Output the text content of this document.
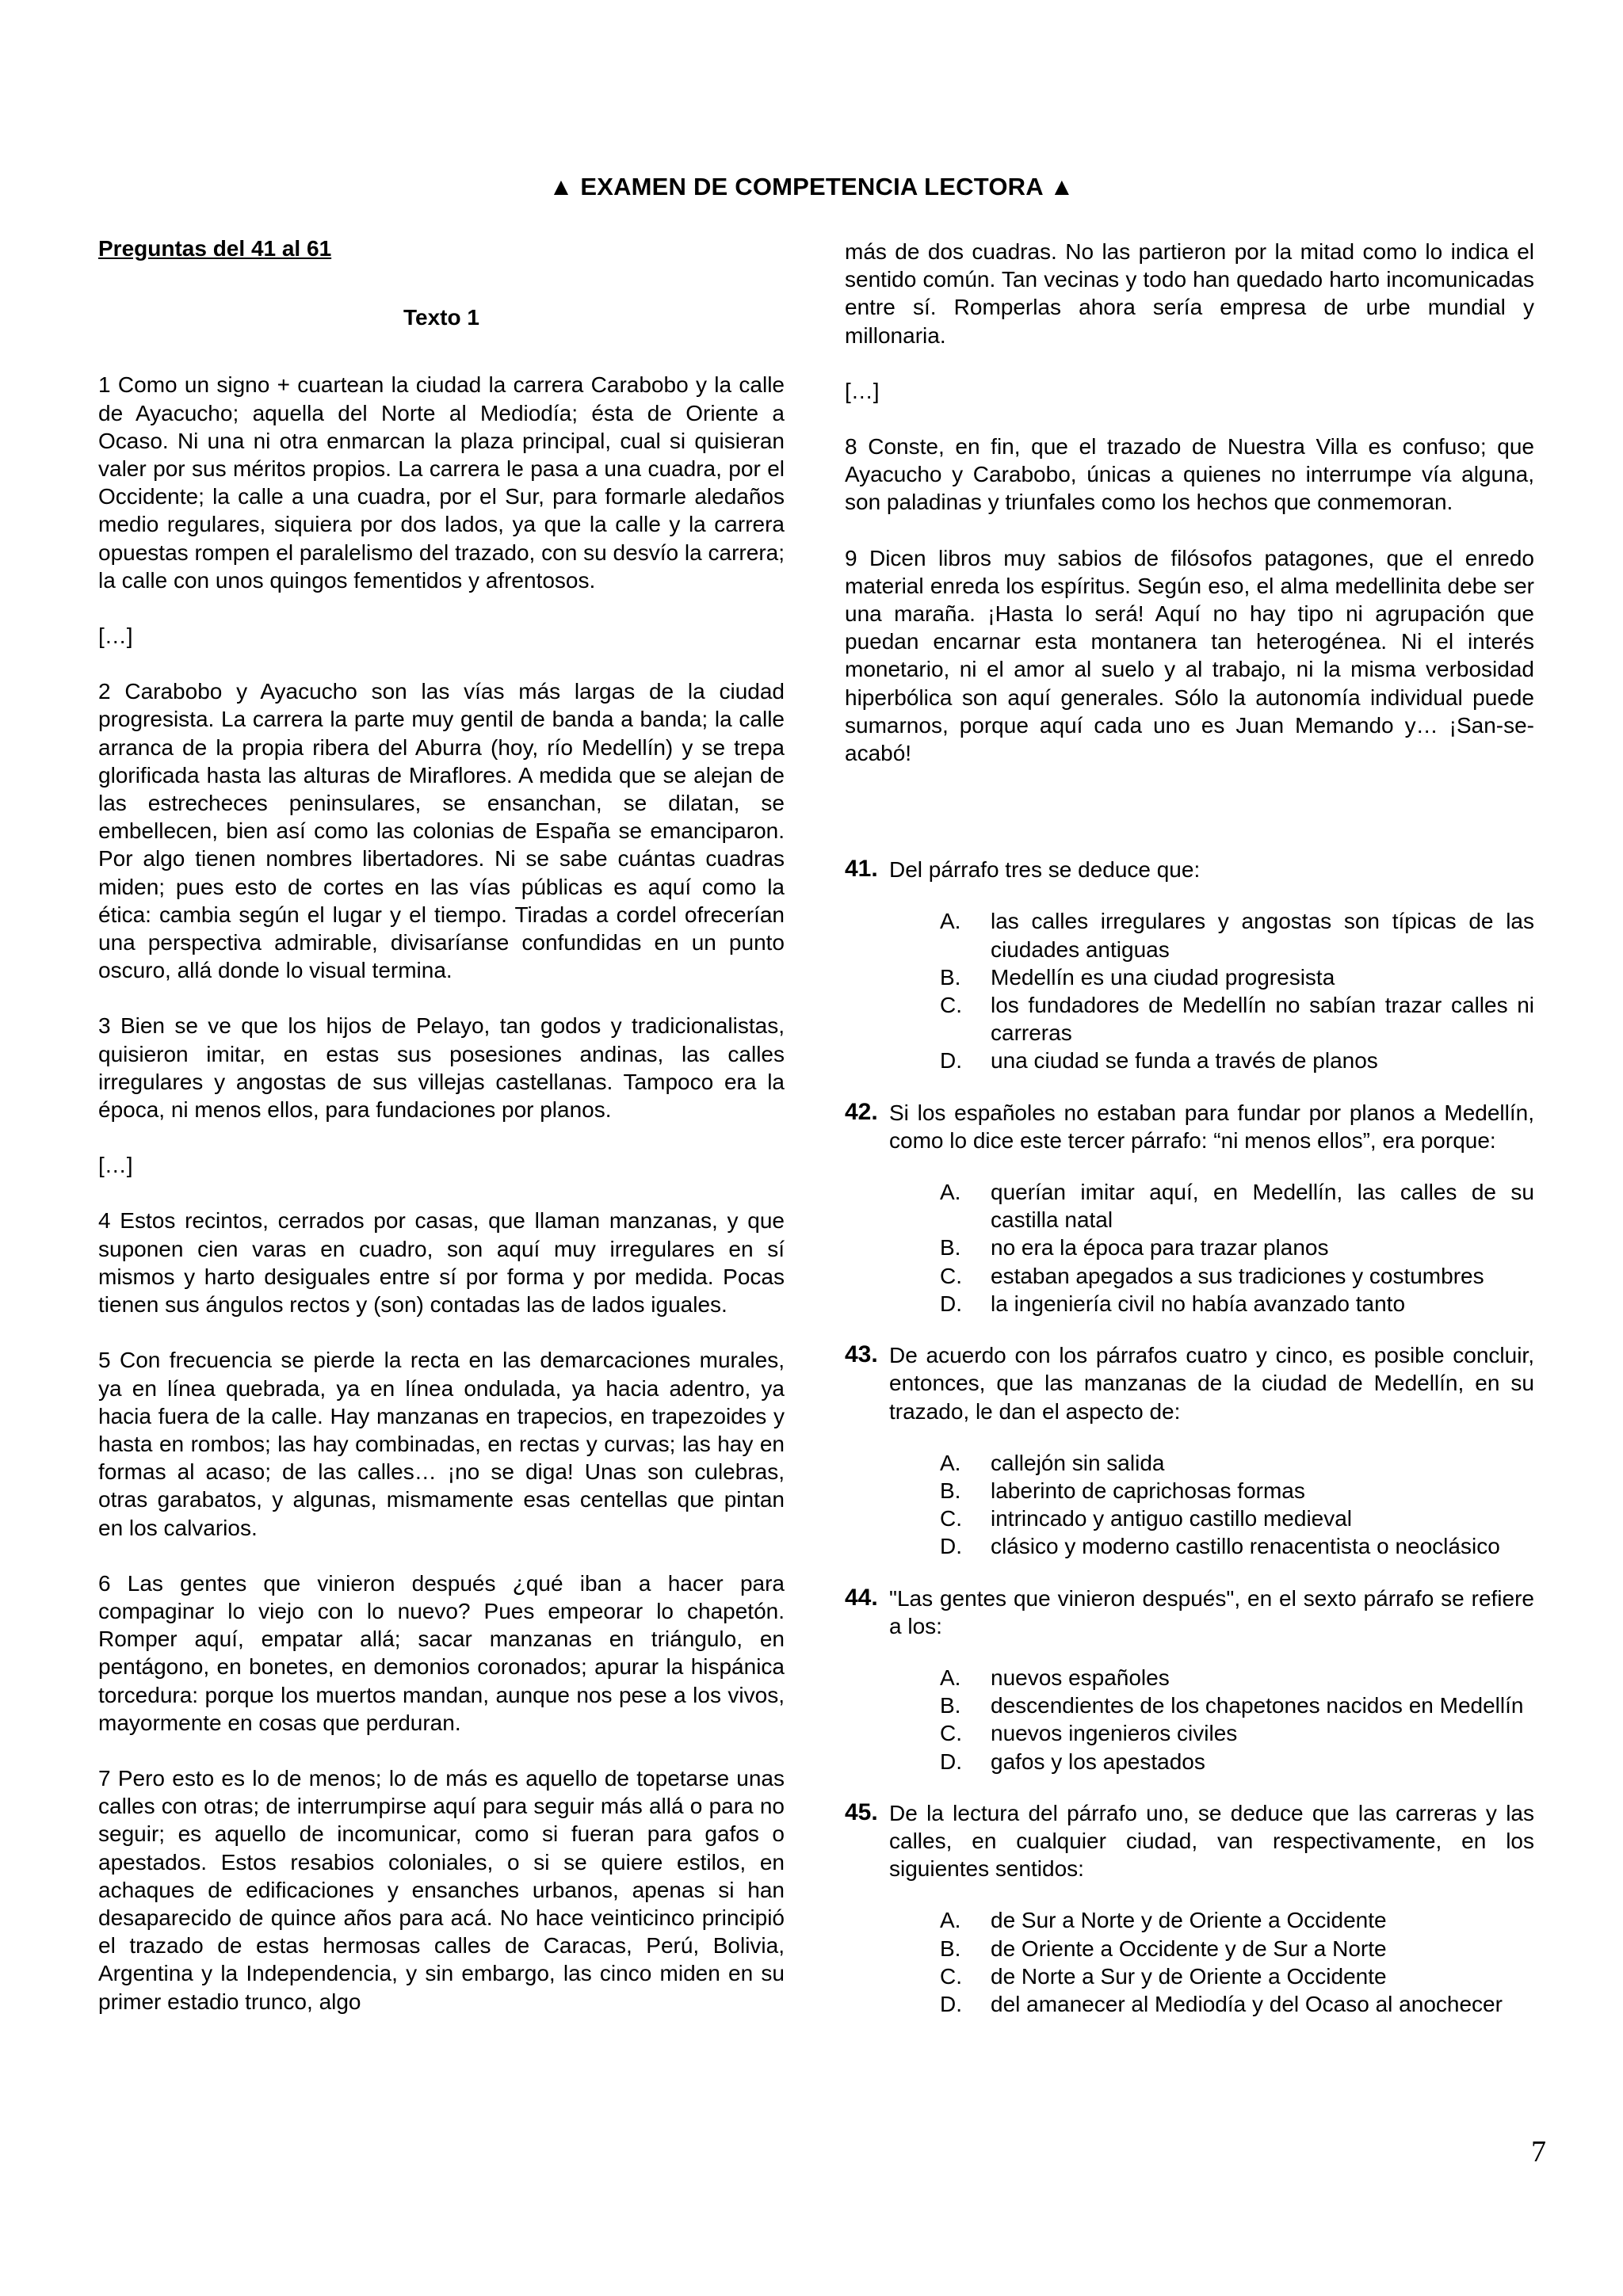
▲ EXAMEN DE COMPETENCIA LECTORA ▲
Preguntas del 41 al 61
Texto 1

1 Como un signo + cuartean la ciudad la carrera Carabobo y la calle de Ayacucho; aquella del Norte al Mediodía; ésta de Oriente a Ocaso. Ni una ni otra enmarcan la plaza principal, cual si quisieran valer por sus méritos propios. La carrera le pasa a una cuadra, por el Occidente; la calle a una cuadra, por el Sur, para formarle aledaños medio regulares, siquiera por dos lados, ya que la calle y la carrera opuestas rompen el paralelismo del trazado, con su desvío la carrera; la calle con unos quingos fementidos y afrentosos.

[…]

2 Carabobo y Ayacucho son las vías más largas de la ciudad progresista. La carrera la parte muy gentil de banda a banda; la calle arranca de la propia ribera del Aburra (hoy, río Medellín) y se trepa glorificada hasta las alturas de Miraflores. A medida que se alejan de las estrecheces peninsulares, se ensanchan, se dilatan, se embellecen, bien así como las colonias de España se emanciparon. Por algo tienen nombres libertadores. Ni se sabe cuántas cuadras miden; pues esto de cortes en las vías públicas es aquí como la ética: cambia según el lugar y el tiempo. Tiradas a cordel ofrecerían una perspectiva admirable, divisaríanse confundidas en un punto oscuro, allá donde lo visual termina.

3 Bien se ve que los hijos de Pelayo, tan godos y tradicionalistas, quisieron imitar, en estas sus posesiones andinas, las calles irregulares y angostas de sus villejas castellanas. Tampoco era la época, ni menos ellos, para fundaciones por planos.

[…]

4 Estos recintos, cerrados por casas, que llaman manzanas, y que suponen cien varas en cuadro, son aquí muy irregulares en sí mismos y harto desiguales entre sí por forma y por medida. Pocas tienen sus ángulos rectos y (son) contadas las de lados iguales.

5 Con frecuencia se pierde la recta en las demarcaciones murales, ya en línea quebrada, ya en línea ondulada, ya hacia adentro, ya hacia fuera de la calle. Hay manzanas en trapecios, en trapezoides y hasta en rombos; las hay combinadas, en rectas y curvas; las hay en formas al acaso; de las calles… ¡no se diga! Unas son culebras, otras garabatos, y algunas, mismamente esas centellas que pintan en los calvarios.

6 Las gentes que vinieron después ¿qué iban a hacer para compaginar lo viejo con lo nuevo? Pues empeorar lo chapetón. Romper aquí, empatar allá; sacar manzanas en triángulo, en pentágono, en bonetes, en demonios coronados; apurar la hispánica torcedura: porque los muertos mandan, aunque nos pese a los vivos, mayormente en cosas que perduran.

7 Pero esto es lo de menos; lo de más es aquello de topetarse unas calles con otras; de interrumpirse aquí para seguir más allá o para no seguir; es aquello de incomunicar, como si fueran para gafos o apestados. Estos resabios coloniales, o si se quiere estilos, en achaques de edificaciones y ensanches urbanos, apenas si han desaparecido de quince años para acá. No hace veinticinco principió el trazado de estas hermosas calles de Caracas, Perú, Bolivia, Argentina y la Independencia, y sin embargo, las cinco miden en su primer estadio trunco, algo

más de dos cuadras. No las partieron por la mitad como lo indica el sentido común. Tan vecinas y todo han quedado harto incomunicadas entre sí. Romperlas ahora sería empresa de urbe mundial y millonaria.

[…]

8 Conste, en fin, que el trazado de Nuestra Villa es confuso; que Ayacucho y Carabobo, únicas a quienes no interrumpe vía alguna, son paladinas y triunfales como los hechos que conmemoran.

9 Dicen libros muy sabios de filósofos patagones, que el enredo material enreda los espíritus. Según eso, el alma medellinita debe ser una maraña. ¡Hasta lo será! Aquí no hay tipo ni agrupación que puedan encarnar esta montanera tan heterogénea. Ni el interés monetario, ni el amor al suelo y al trabajo, ni la misma verbosidad hiperbólica son aquí generales. Sólo la autonomía individual puede sumarnos, porque aquí cada uno es Juan Memando y… ¡San-se-acabó!

41. Del párrafo tres se deduce que:

A. las calles irregulares y angostas son típicas de las ciudades antiguas
B. Medellín es una ciudad progresista
C. los fundadores de Medellín no sabían trazar calles ni carreras
D. una ciudad se funda a través de planos
42. Si los españoles no estaban para fundar por planos a Medellín, como lo dice este tercer párrafo: “ni menos ellos”, era porque:

A. querían imitar aquí, en Medellín, las calles de su castilla natal
B. no era la época para trazar planos
C. estaban apegados a sus tradiciones y costumbres
D. la ingeniería civil no había avanzado tanto
43. De acuerdo con los párrafos cuatro y cinco, es posible concluir, entonces, que las manzanas de la ciudad de Medellín, en su trazado, le dan el aspecto de:

A. callejón sin salida
B. laberinto de caprichosas formas
C. intrincado y antiguo castillo medieval
D. clásico y moderno castillo renacentista o neoclásico
44. "Las gentes que vinieron después", en el sexto párrafo se refiere a los:

A. nuevos españoles
B. descendientes de los chapetones nacidos en Medellín
C. nuevos ingenieros civiles
D. gafos y los apestados
45. De la lectura del párrafo uno, se deduce que las carreras y las calles, en cualquier ciudad, van respectivamente, en los siguientes sentidos:

A. de Sur a Norte y de Oriente a Occidente
B. de Oriente a Occidente y de Sur a Norte
C. de Norte a Sur y de Oriente a Occidente
D. del amanecer al Mediodía y del Ocaso al anochecer
7
